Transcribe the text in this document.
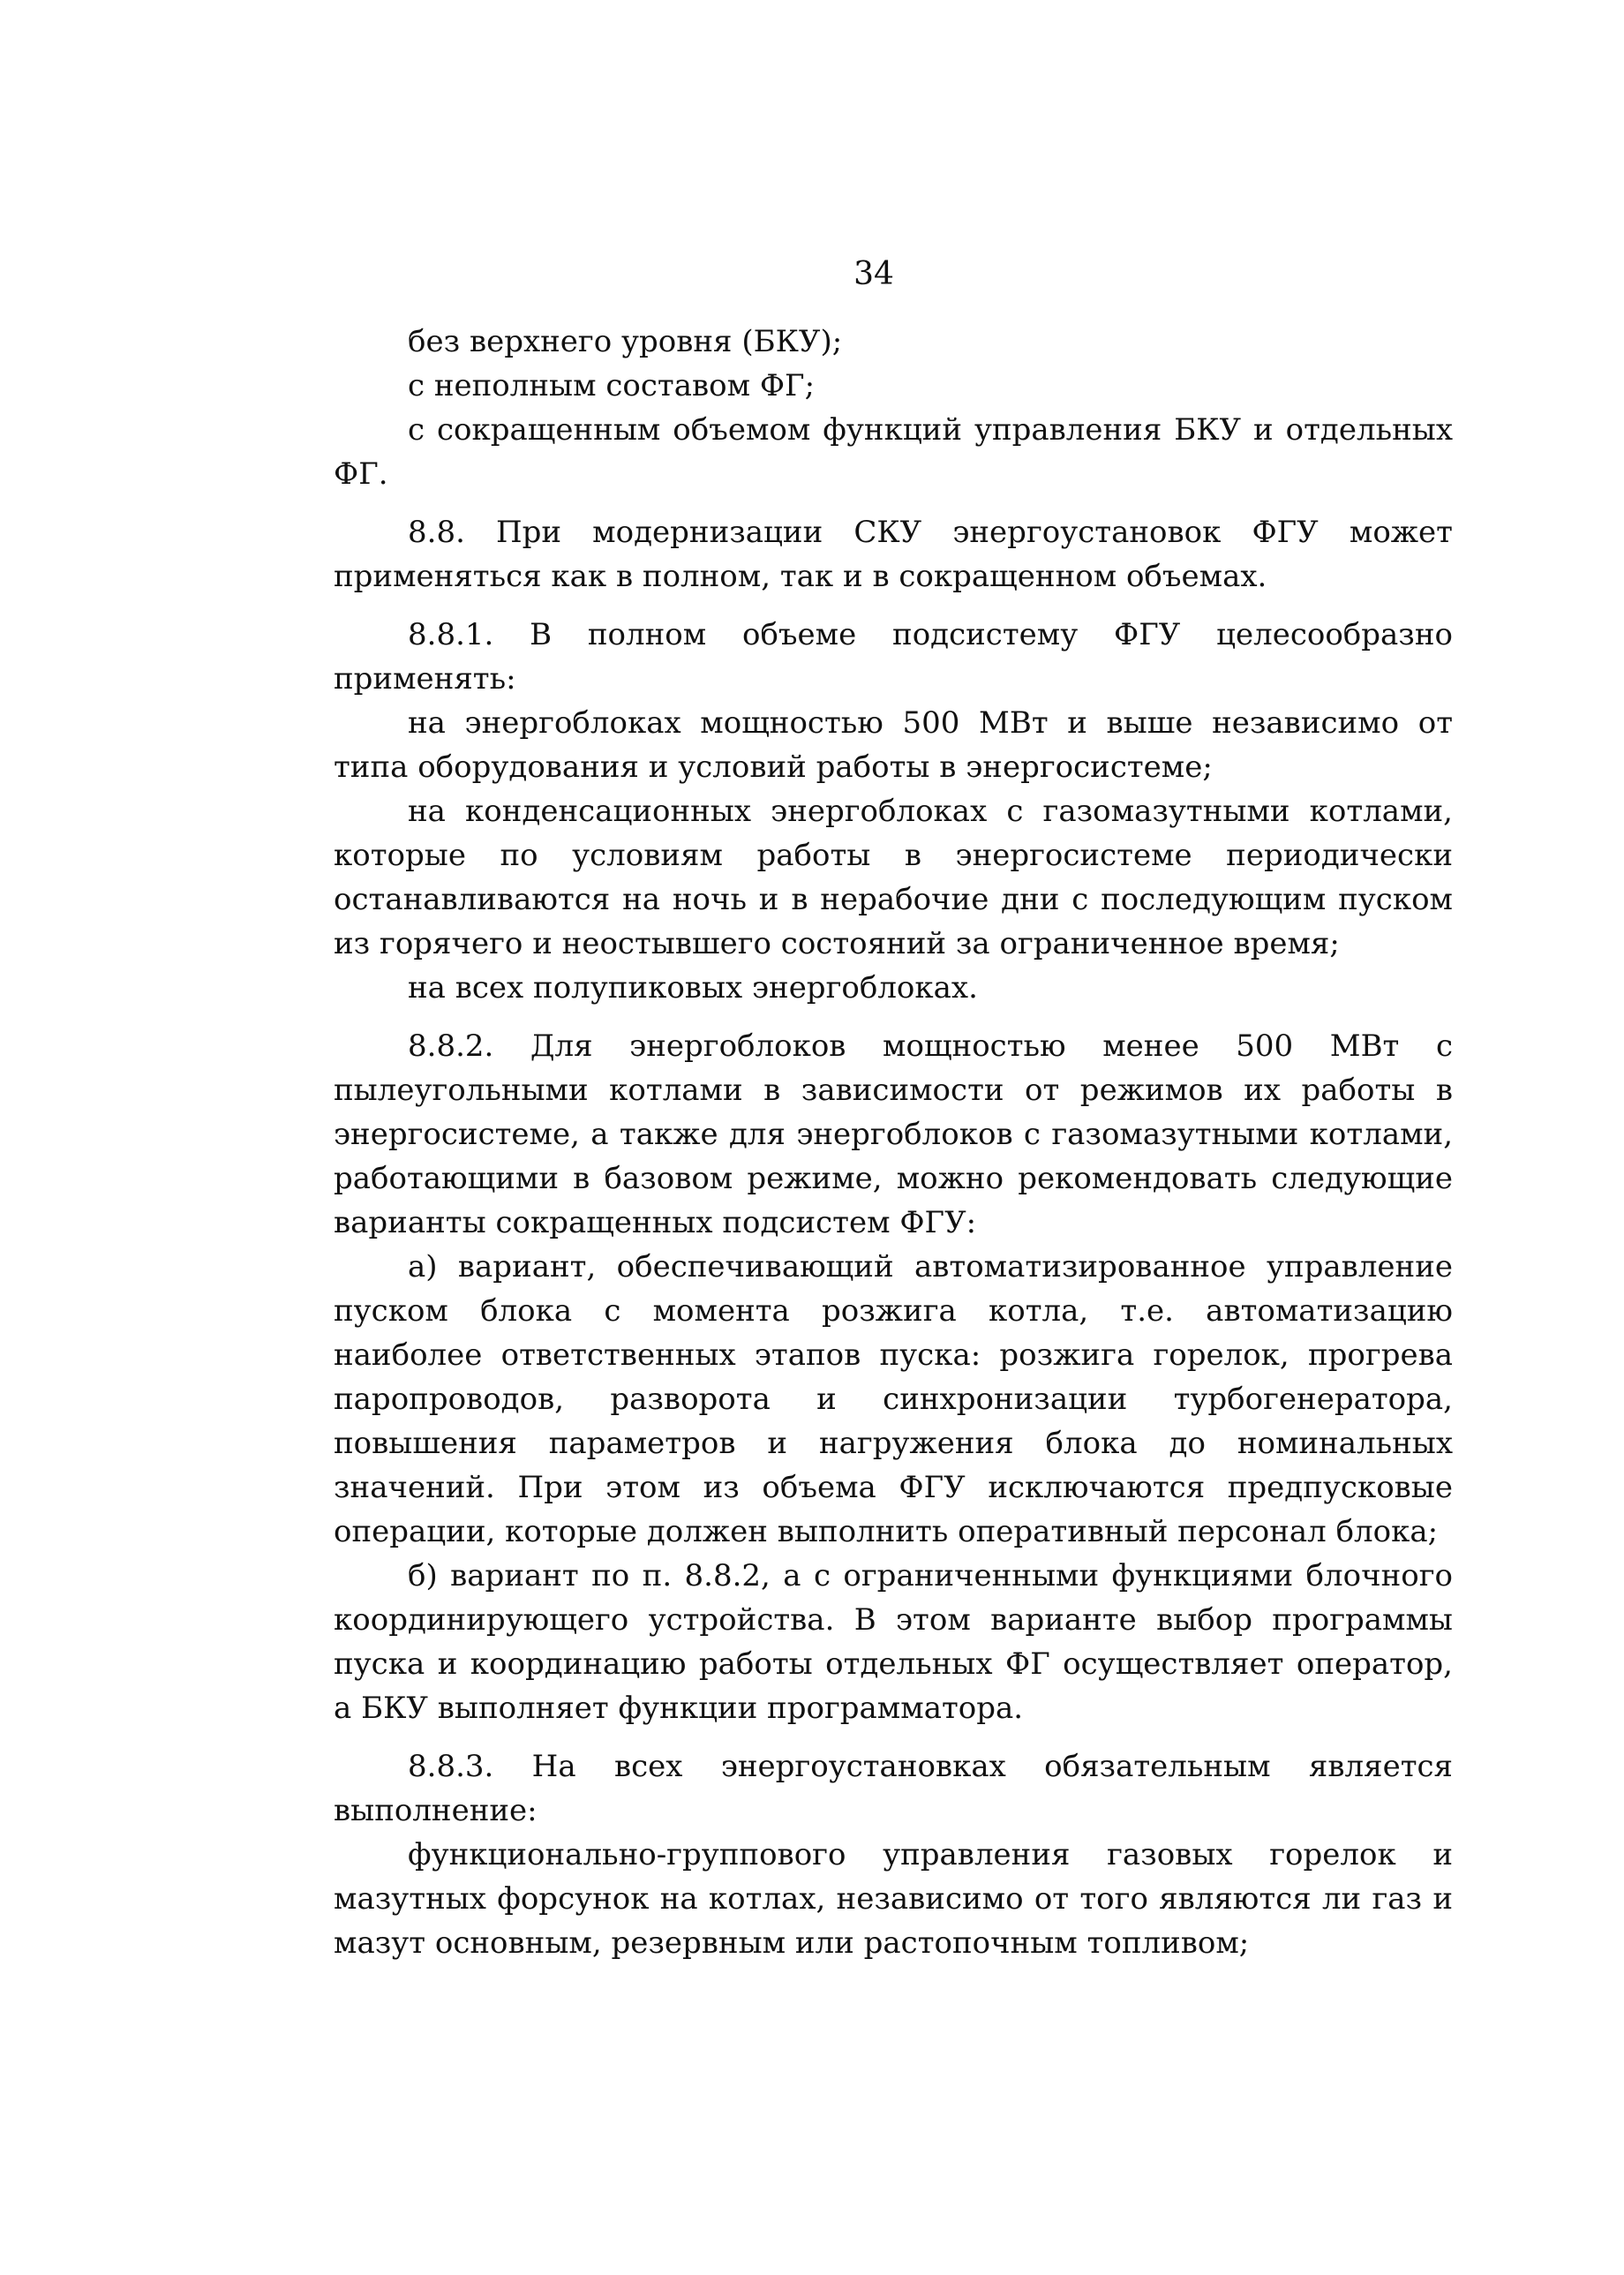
34

без верхнего уровня (БКУ);

с неполным составом ФГ;

с сокращенным объемом функций управления БКУ и отдельных ФГ.

8.8. При модернизации СКУ энергоустановок ФГУ может применяться как в полном, так и в сокращенном объемах.

8.8.1. В полном объеме подсистему ФГУ целесообразно применять:

на энергоблоках мощностью 500 МВт и выше независимо от типа оборудования и условий работы в энергосистеме;

на конденсационных энергоблоках с газомазутными котлами, которые по условиям работы в энергосистеме периодически останавливаются на ночь и в нерабочие дни с последующим пуском из горячего и неостывшего состояний за ограниченное время;

на всех полупиковых энергоблоках.

8.8.2. Для энергоблоков мощностью менее 500 МВт с пылеугольными котлами в зависимости от режимов их работы в энергосистеме, а также для энергоблоков с газомазутными котлами, работающими в базовом режиме, можно рекомендовать следующие варианты сокращенных подсистем ФГУ:

а) вариант, обеспечивающий автоматизированное управление пуском блока с момента розжига котла, т.е. автоматизацию наиболее ответственных этапов пуска: розжига горелок, прогрева паропроводов, разворота и синхронизации турбогенератора, повышения параметров и нагружения блока до номинальных значений. При этом из объема ФГУ исключаются предпусковые операции, которые должен выполнить оперативный персонал блока;

б) вариант по п. 8.8.2, а с ограниченными функциями блочного координирующего устройства. В этом варианте выбор программы пуска и координацию работы отдельных ФГ осуществляет оператор, а БКУ выполняет функции программатора.

8.8.3. На всех энергоустановках обязательным является выполнение:

функционально-группового управления газовых горелок и мазутных форсунок на котлах, независимо от того являются ли газ и мазут основным, резервным или растопочным топливом;
